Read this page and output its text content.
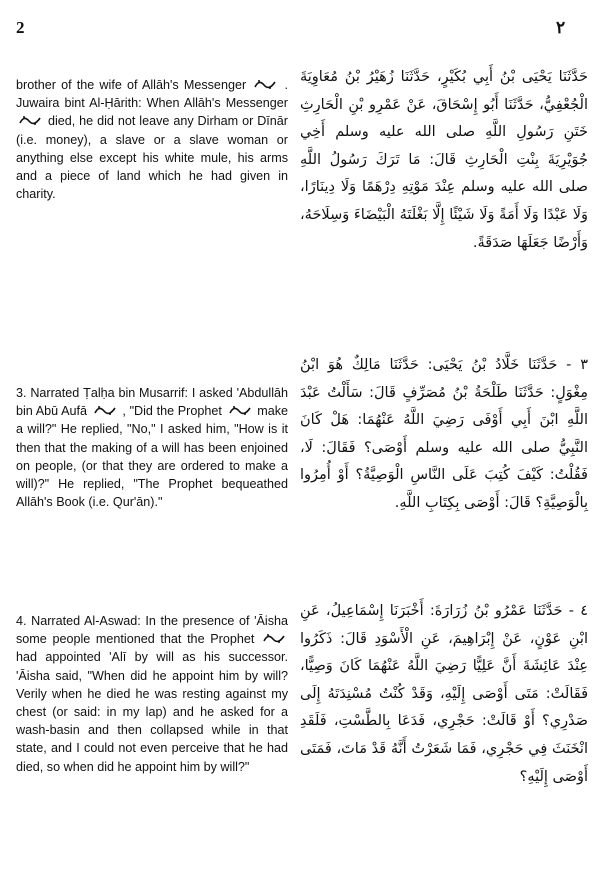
2	٢

brother of the wife of Allāh's Messenger	. Juwaira bint Al-Ḥārith: When Allāh's Messenger
died, he did not leave any Dirham or Dīnār (i.e. money), a slave or a slave woman or anything else except his white mule, his arms and a piece of land which he had given in charity.

3. Narrated Ṭalḥa bin Musarrif: I asked 'Abdullāh bin Abū Aufā	, "Did the Prophet	make a will?" He replied, "No," I asked him, "How is it then that the making of a will has been enjoined on people, (or that they are ordered to make a will)?" He replied, "The Prophet bequeathed Allāh's Book (i.e. Qur'ān)."

4. Narrated Al-Aswad: In the presence of 'Āisha some people mentioned that the Prophet
had appointed 'Alī by will as his successor. 'Āisha said, "When did he appoint him by will? Verily when he died he was resting against my chest (or said: in my lap) and he asked for a wash-basin and then collapsed while in that state, and I could not even perceive that he had died, so when did he appoint him by will?"

حَدَّثَنَا يَحْيَى بْنُ أَبِي بُكَيْرٍ، حَدَّثَنَا زُهَيْرُ بْنُ مُعَاوِيَةَ الْجُعْفِيُّ، حَدَّثَنَا أَبُو إِسْحَاقَ، عَنْ عَمْرِو بْنِ الْحَارِثِ خَتَنِ رَسُولِ اللَّهِ صلى الله عليه وسلم أَخِي جُوَيْرِيَةَ بِنْتِ الْحَارِثِ قَالَ: مَا تَرَكَ رَسُولُ اللَّهِ صلى الله عليه وسلم عِنْدَ مَوْتِهِ دِرْهَمًا وَلَا دِينَارًا، وَلَا عَبْدًا وَلَا أَمَةً وَلَا شَيْئًا إِلَّا بَغْلَتَهُ الْبَيْضَاءَ وَسِلَاحَهُ، وَأَرْضًا جَعَلَهَا صَدَقَةً.

٣ - حَدَّثَنَا خَلَّادُ بْنُ يَحْيَى: حَدَّثَنَا مَالِكٌ هُوَ ابْنُ مِغْوَلٍ: حَدَّثَنَا طَلْحَةُ بْنُ مُصَرِّفٍ قَالَ: سَأَلْتُ عَبْدَ اللَّهِ ابْنَ أَبِي أَوْفَى رَضِيَ اللَّهُ عَنْهُمَا: هَلْ كَانَ النَّبِيُّ صلى الله عليه وسلم أَوْصَى؟ فَقَالَ: لَا، فَقُلْتُ: كَيْفَ كُتِبَ عَلَى النَّاسِ الْوَصِيَّةُ؟ أَوْ أُمِرُوا بِالْوَصِيَّةِ؟ قَالَ: أَوْصَى بِكِتَابِ اللَّهِ.

٤ - حَدَّثَنَا عَمْرُو بْنُ زُرَارَةَ: أَخْبَرَنَا إِسْمَاعِيلُ، عَنِ ابْنِ عَوْنٍ، عَنْ إِبْرَاهِيمَ، عَنِ الْأَسْوَدِ قَالَ: ذَكَرُوا عِنْدَ عَائِشَةَ أَنَّ عَلِيًّا رَضِيَ اللَّهُ عَنْهُمَا كَانَ وَصِيًّا، فَقَالَتْ: مَتَى أَوْصَى إِلَيْهِ، وَقَدْ كُنْتُ مُسْنِدَتَهُ إِلَى صَدْرِي؟ أَوْ قَالَتْ: حَجْرِي، فَدَعَا بِالطَّسْتِ، فَلَقَدِ انْخَنَثَ فِي حَجْرِي، فَمَا شَعَرْتُ أَنَّهُ قَدْ مَاتَ، فَمَتَى أَوْصَى إِلَيْهِ؟
